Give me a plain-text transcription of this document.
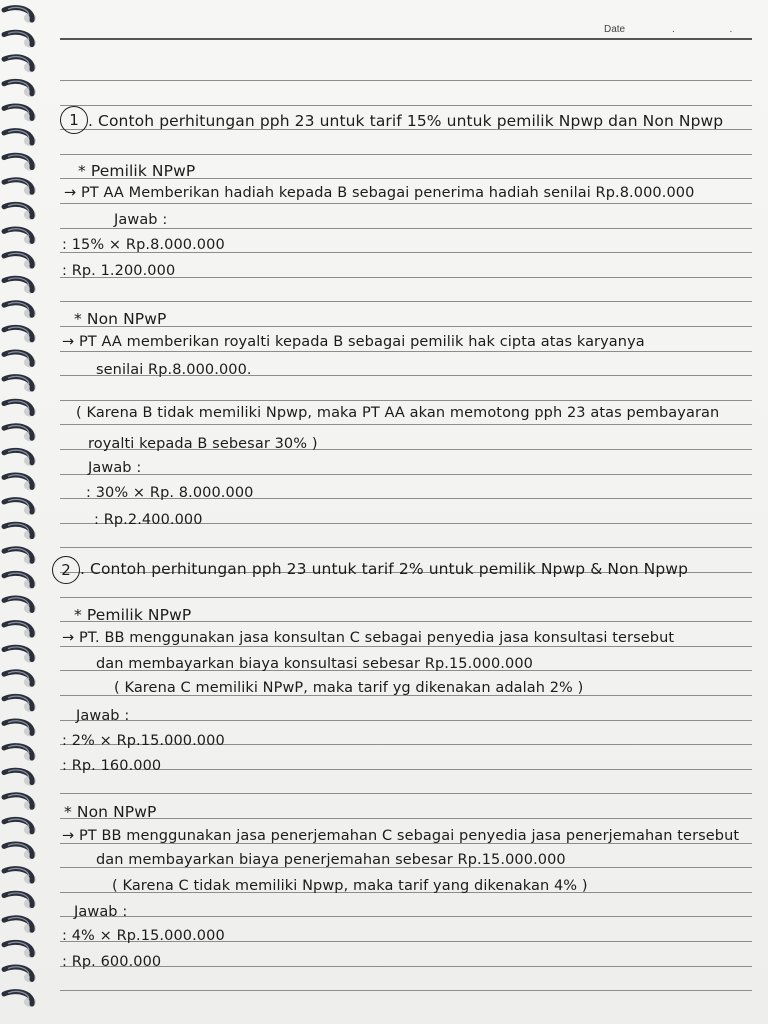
Date	. .
1 . Contoh perhitungan pph 23 untuk tarif 15% untuk pemilik Npwp dan Non Npwp
* Pemilik NPwP
→ PT AA Memberikan hadiah kepada B sebagai penerima hadiah senilai Rp.8.000.000
Jawab :
: 15% × Rp.8.000.000
: Rp. 1.200.000
* Non NPwP
→ PT AA memberikan royalti kepada B sebagai pemilik hak cipta atas karyanya
senilai Rp.8.000.000.
( Karena B tidak memiliki Npwp, maka PT AA akan memotong pph 23 atas pembayaran
royalti kepada B sebesar 30% )
Jawab :
: 30% × Rp. 8.000.000
: Rp.2.400.000
2 . Contoh perhitungan pph 23 untuk tarif 2% untuk pemilik Npwp & Non Npwp
* Pemilik NPwP
→ PT. BB menggunakan jasa konsultan C sebagai penyedia jasa konsultasi tersebut
dan membayarkan biaya konsultasi sebesar Rp.15.000.000
( Karena C memiliki NPwP, maka tarif yg dikenakan adalah 2% )
Jawab :
: 2% × Rp.15.000.000
: Rp. 160.000
* Non NPwP
→ PT BB menggunakan jasa penerjemahan C sebagai penyedia jasa penerjemahan tersebut
dan membayarkan biaya penerjemahan sebesar Rp.15.000.000
( Karena C tidak memiliki Npwp, maka tarif yang dikenakan 4% )
Jawab :
: 4% × Rp.15.000.000
: Rp. 600.000
